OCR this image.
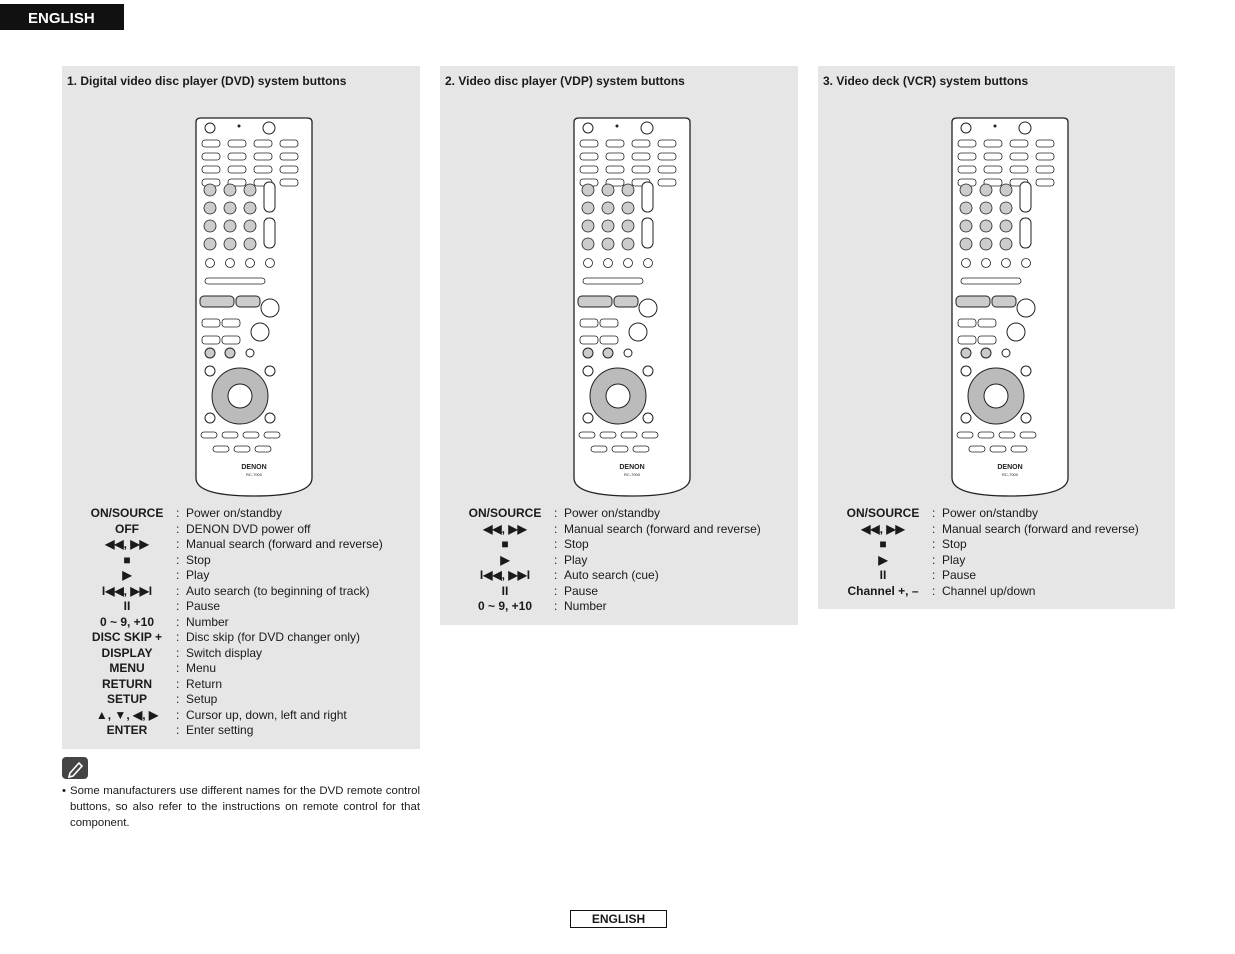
ENGLISH
1. Digital video disc player (DVD) system buttons
DENON
RC-7000
ON/SOURCE	: Power on/standby
OFF	: DENON DVD power off
◀◀, ▶▶	: Manual search (forward and reverse)
■	: Stop
▶	: Play
I◀◀, ▶▶I	: Auto search (to beginning of track)
II	: Pause
0 ~ 9, +10	: Number
DISC SKIP +	: Disc skip (for DVD changer only)
DISPLAY	: Switch display
MENU	: Menu
RETURN	: Return
SETUP	: Setup
▲, ▼, ◀, ▶	: Cursor up, down, left and right
ENTER	: Enter setting
2. Video disc player (VDP) system buttons
DENON
RC-7000
ON/SOURCE	: Power on/standby
◀◀, ▶▶	: Manual search (forward and reverse)
■	: Stop
▶	: Play
I◀◀, ▶▶I	: Auto search (cue)
II	: Pause
0 ~ 9, +10	: Number
3. Video deck (VCR) system buttons
DENON
RC-7000
ON/SOURCE	: Power on/standby
◀◀, ▶▶	: Manual search (forward and reverse)
■	: Stop
▶	: Play
II	: Pause
Channel +, –	: Channel up/down
• Some manufacturers use different names for the DVD remote control buttons, so also refer to the instructions on remote control for that component.
ENGLISH
